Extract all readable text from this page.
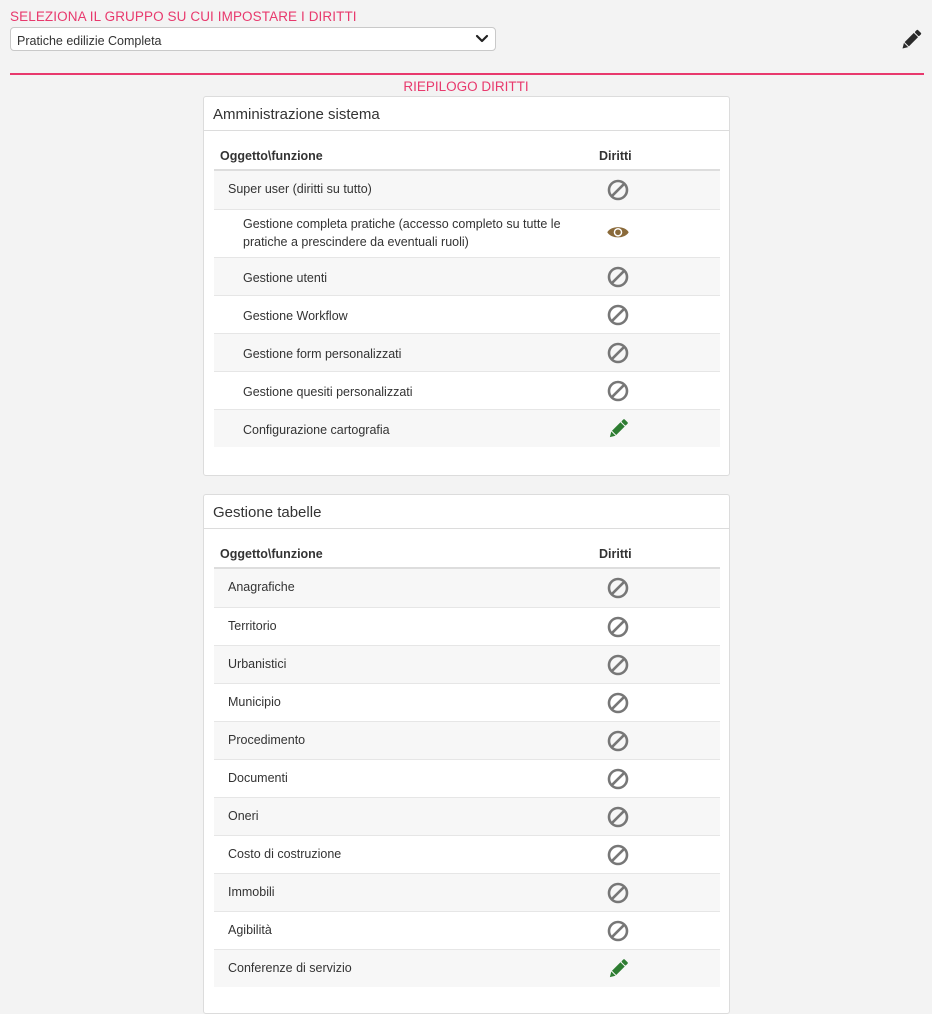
SELEZIONA IL GRUPPO SU CUI IMPOSTARE I DIRITTI
Pratiche edilizie Completa
RIEPILOGO DIRITTI
Amministrazione sistema
Oggetto\funzione	Diritti
Super user (diritti su tutto)
Gestione completa pratiche (accesso completo su tutte le pratiche a prescindere da eventuali ruoli)
Gestione utenti
Gestione Workflow
Gestione form personalizzati
Gestione quesiti personalizzati
Configurazione cartografia
Gestione tabelle
Oggetto\funzione	Diritti
Anagrafiche
Territorio
Urbanistici
Municipio
Procedimento
Documenti
Oneri
Costo di costruzione
Immobili
Agibilità
Conferenze di servizio
